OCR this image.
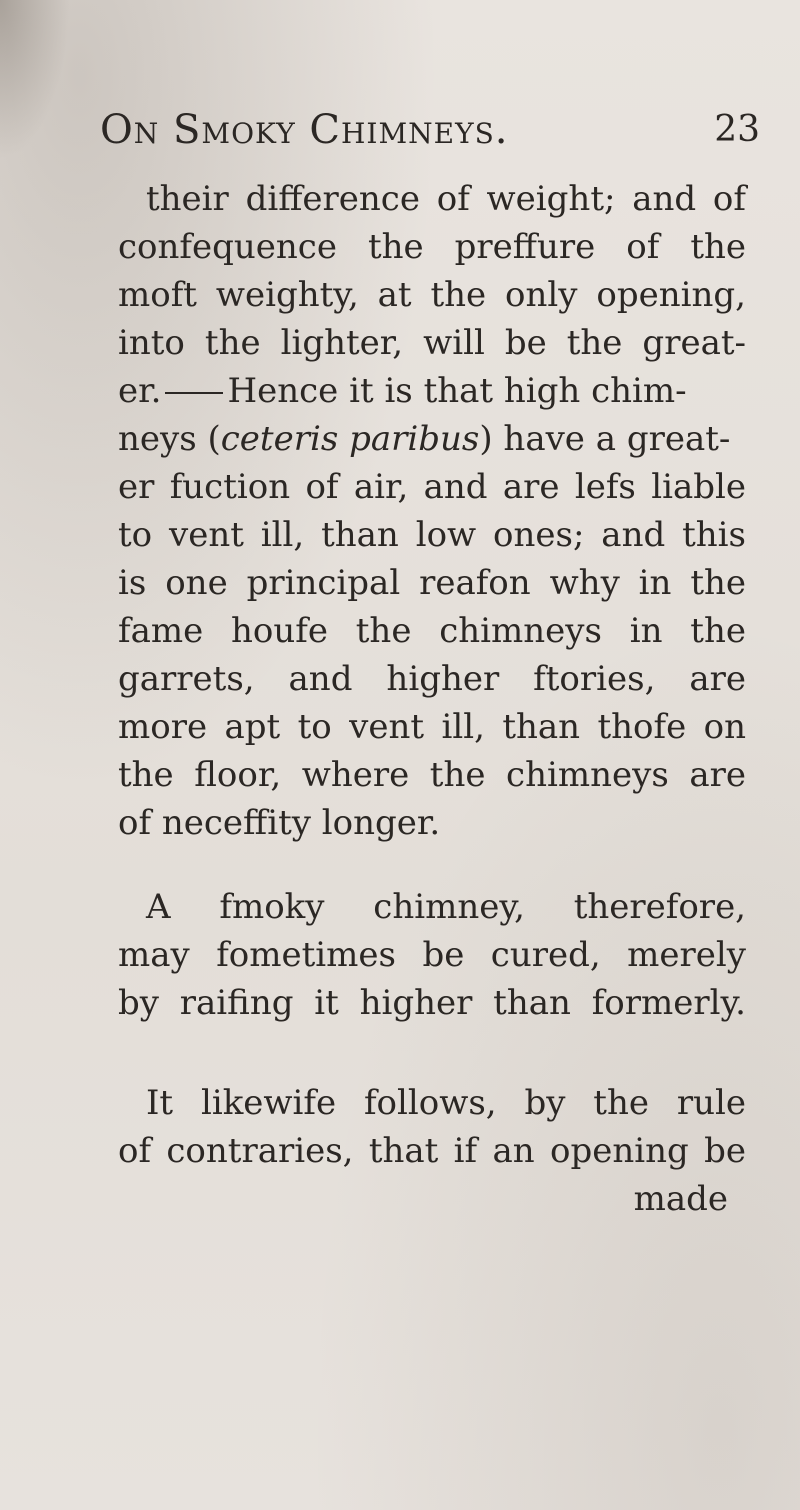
On Smoky Chimneys.	23
their difference of weight; and of
confequence the preffure of the
moft weighty, at the only opening,
into the lighter, will be the great-
er. Hence it is that high chim-
neys (ceteris paribus) have a great-
er fuction of air, and are lefs liable
to vent ill, than low ones; and this
is one principal reafon why in the
fame houfe the chimneys in the
garrets, and higher ftories, are
more apt to vent ill, than thofe on
the floor, where the chimneys are
of neceffity longer.
A fmoky chimney, therefore,
may fometimes be cured, merely
by raifing it higher than formerly.
It likewife follows, by the rule
of contraries, that if an opening be
made
